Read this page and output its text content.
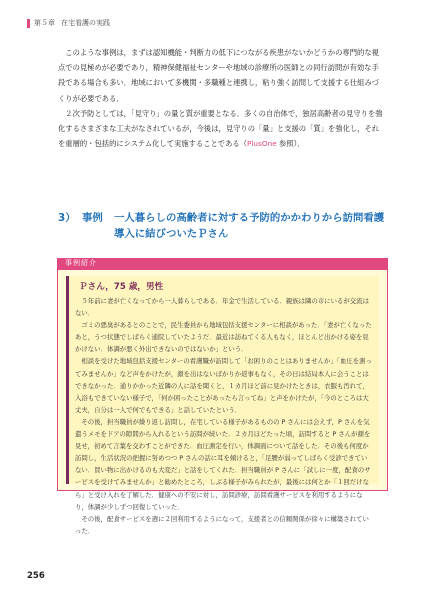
第５章 在宅看護の実践

このような事例は，まずは認知機能・判断力の低下につながる疾患がないかどうかの専門的な視点での見極めが必要であり，精神保健福祉センターや地域の診療所の医師との同行訪問が有効な手段である場合も多い．地域において多機関・多職種と連携し，粘り強く訪問して支援する仕組みづくりが必要である．

２次予防としては，「見守り」の量と質が重要となる．多くの自治体で，独居高齢者の見守りを強化するさまざまな工夫がなされているが，今後は，見守りの「量」と支援の「質」を強化し，それを重層的・包括的にシステム化して実施することである（PlusOne 参照）．

3） 事例	一人暮らしの高齢者に対する予防的かかわりから訪問看護
導入に結びついたＰさん
事例紹介
Ｐさん，75 歳，男性

５年前に妻が亡くなってから一人暮らしである．年金で生活している．親族は隣の市にいるが交流はない．

ゴミの悪臭があるとのことで，民生委員から地域包括支援センターに相談があった．「妻が亡くなったあと，うつ状態でしばらく通院していたようだ．最近は訪ねてくる人もなく，ほとんど出かける姿を見かけない．体調が悪く外出できないのではないか」という．

相談を受けた地域包括支援センターの看護職が訪問して「お困りのことはありませんか」「血圧を測ってみませんか」など声をかけたが，顔を出はないばかりか返事もなく，その日は結局本人に会うことはできなかった．通りかかった近隣の人に話を聞くと，１カ月ほど前に見かけたときは，衣服も汚れて，入浴もできていない様子で，「何か困ったことがあったら言ってね」と声をかけたが，「今のところは大丈夫，自分は一人で何でもできる」と話していたという．

その後，担当職員が繰り返し訪問し，在宅している様子があるものの P さんには会えず，P さんを気遣うメモをドアの隙間から入れるという訪問が続いた．２カ月ほどたった頃，訪問すると P さんが顔を見せ，初めて言葉を交わすことができた．血圧測定を行い，体調面について話をした．その後も何度か訪問し，生活状況の把握に努めつつ P さんの話に耳を傾けると，「足腰が弱ってしばらく受診できていない．買い物に出かけるのも大変だ」と話をしてくれた．担当職員が P さんに「試しに一度，配食のサービスを受けてみませんか」と勧めたところ，しぶる様子がみられたが，最後には何とか「１回だけなら」と受け入れを了解した．健康への不安に対し，訪問診療，訪問看護サービスを利用するようになり，体調が少しずつ回復していった．

その後，配食サービスを週に２回利用するようになって，支援者との信頼関係が徐々に構築されていった．

256
